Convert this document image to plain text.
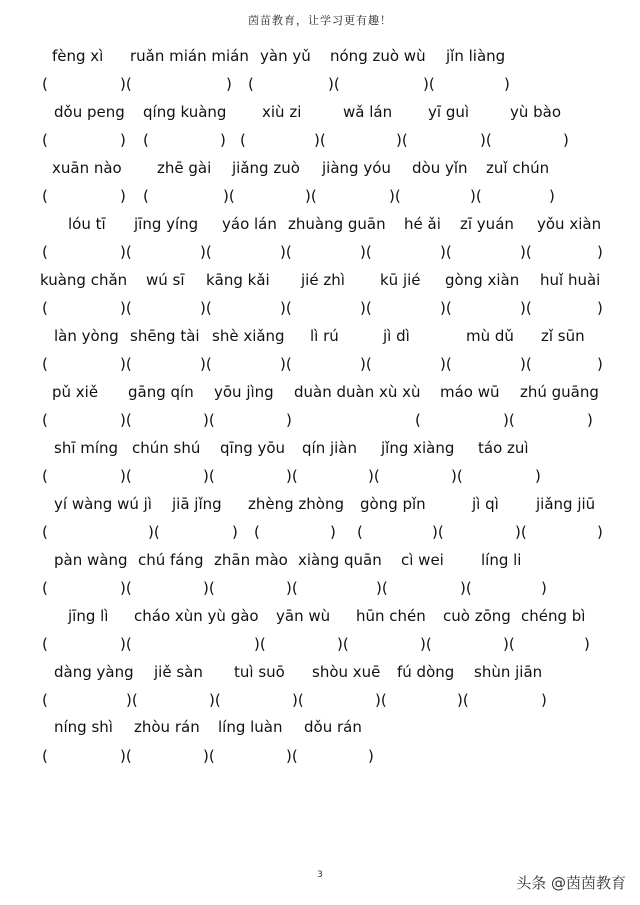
茵苗教育，让学习更有趣！
fèng xì ruǎn mián mián yàn yǔ nóng zuò wù jǐn liàng
(	)(	) (	)(	)(	)
dǒu peng qíng kuàng xiù zi	wǎ lán yī guì	yù bào
(	) (	) (	)(	)(	)(	)
xuān nào zhē gài jiǎng zuò jiàng yóu dòu yǐn zuǐ chún
(	) (	)(	)(	)(	)(	)
lóu tī jīng yíng yáo lán zhuàng guān hé ǎi zī yuán yǒu xiàn
(	)(	)(	)(	)(	)(	)(	)
kuàng chǎn wú sī kāng kǎi jié zhì kū jié gòng xiàn huǐ huài
(	)(	)(	)(	)(	)(	)(	)
làn yòng shēng tài shè xiǎng lì rú	jì dì	mù dǔ zǐ sūn
(	)(	)(	)(	)(	)(	)(	)
pǔ xiě gāng qín yōu jìng duàn duàn xù xù máo wū zhú guāng
(	)(	)(	)	(	)(	)
shī míng chún shú qīng yōu qín jiàn jǐng xiàng táo zuì
(	)(	)(	)(	)(	)(	)
yí wàng wú jì jiā jǐng zhèng zhòng gòng pǐn	jì qì jiǎng jiū
(	)(	) (	) (	)(	)(	)
pàn wàng chú fáng zhān mào xiàng quān cì wei líng li
(	)(	)(	)(	)(	)(	)
jīng lì cháo xùn yù gào yān wù hūn chén cuò zōng chéng bì
(	)(	)(	)(	)(	)(	)
dàng yàng jiě sàn tuì suō shòu xuē fú dòng shùn jiān
(	)(	)(	)(	)(	)(	)
níng shì zhòu rán líng luàn dǒu rán
(	)(	)(	)(	)
3	头条 @茵茵教育
